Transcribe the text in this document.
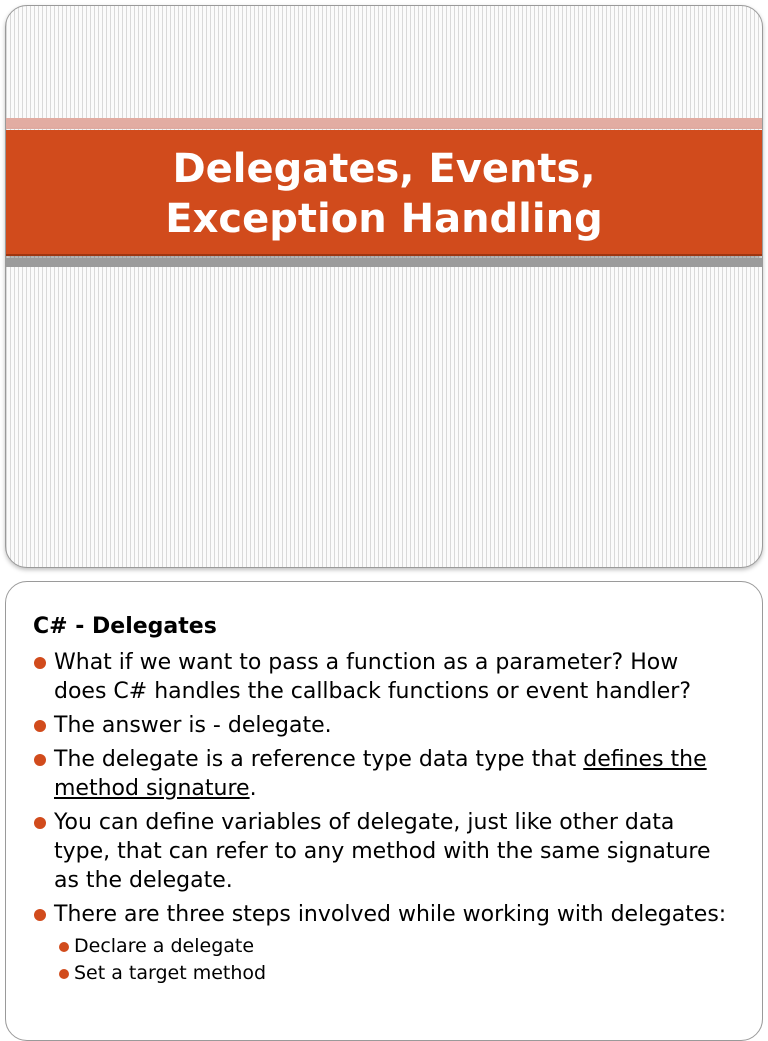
Delegates, Events,
Exception Handling
C# - Delegates
What if we want to pass a function as a parameter? How does C# handles the callback functions or event handler?
The answer is - delegate.
The delegate is a reference type data type that defines the method signature.
You can define variables of delegate, just like other data type, that can refer to any method with the same signature as the delegate.
There are three steps involved while working with delegates:
Declare a delegate
Set a target method
